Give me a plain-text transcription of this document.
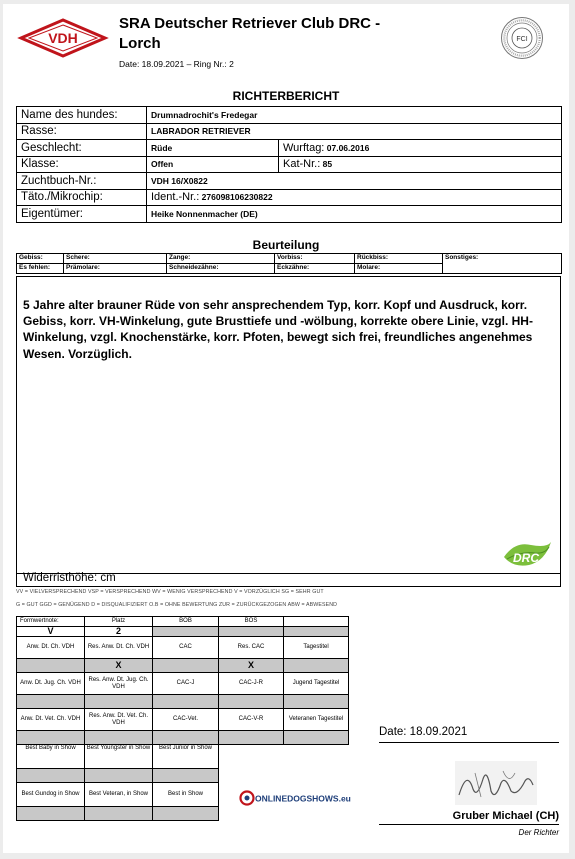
VDH
SRA Deutscher Retriever Club DRC -
Lorch
Date: 18.09.2021 – Ring Nr.: 2
FCI
RICHTERBERICHT
Name des hundes:	Drumnadrochit's Fredegar	
Rasse:	LABRADOR RETRIEVER	
Geschlecht:	Rüde	Wurftag: 07.06.2016
Klasse:	Offen	Kat-Nr.: 85
Zuchtbuch-Nr.:	VDH 16/X0822	
Täto./Mikrochip:	Ident.-Nr.: 276098106230822	
Eigentümer:	Heike Nonnenmacher (DE)	
Beurteilung
Gebiss:	Schere:	Zange:	Vorbiss:	Rückbiss:	Sonstiges:
Es fehlen:	Prämolare:	Schneidezähne:	Eckzähne:	Molare:	
5 Jahre alter brauner Rüde von sehr ansprechendem Typ, korr. Kopf und Ausdruck, korr. Gebiss, korr. VH-Winkelung, gute Brusttiefe und -wölbung, korrekte obere Linie, vzgl. HH-Winkelung, vzgl. Knochenstärke, korr. Pfoten, bewegt sich frei, freundliches angenehmes Wesen. Vorzüglich.
DRC
Widerristhöhe: cm
VV = VIELVERSPRECHEND VSP = VERSPRECHEND WV = WENIG VERSPRECHEND V = VORZÜGLICH SG = SEHR GUT
G = GUT GGD = GENÜGEND D = DISQUALIFIZIERT O.B = OHNE BEWERTUNG ZUR = ZURÜCKGEZOGEN ABW = ABWESEND
Formwertnote:	Platz	BOB	BOS	
V	2			
Anw. Dt. Ch. VDH	Res. Anw. Dt. Ch. VDH	CAC	Res. CAC	Tagestitel
	X		X	
Anw. Dt. Jug. Ch. VDH	Res. Anw. Dt. Jug. Ch. VDH	CAC-J	CAC-J-R	Jugend Tagestitel

Anw. Dt. Vet. Ch. VDH	Res. Anw. Dt. Vet. Ch. VDH	CAC-Vet.	CAC-V-R	Veteranen Tagestitel

Best Baby in Show	Best Youngster in Show	Best Junior in Show		

Best Gundog in Show	Best Veteran, in Show	Best in Show		
			ONLINEDOGSHOWS.eu
Date: 18.09.2021
Gruber Michael (CH)
Der Richter
